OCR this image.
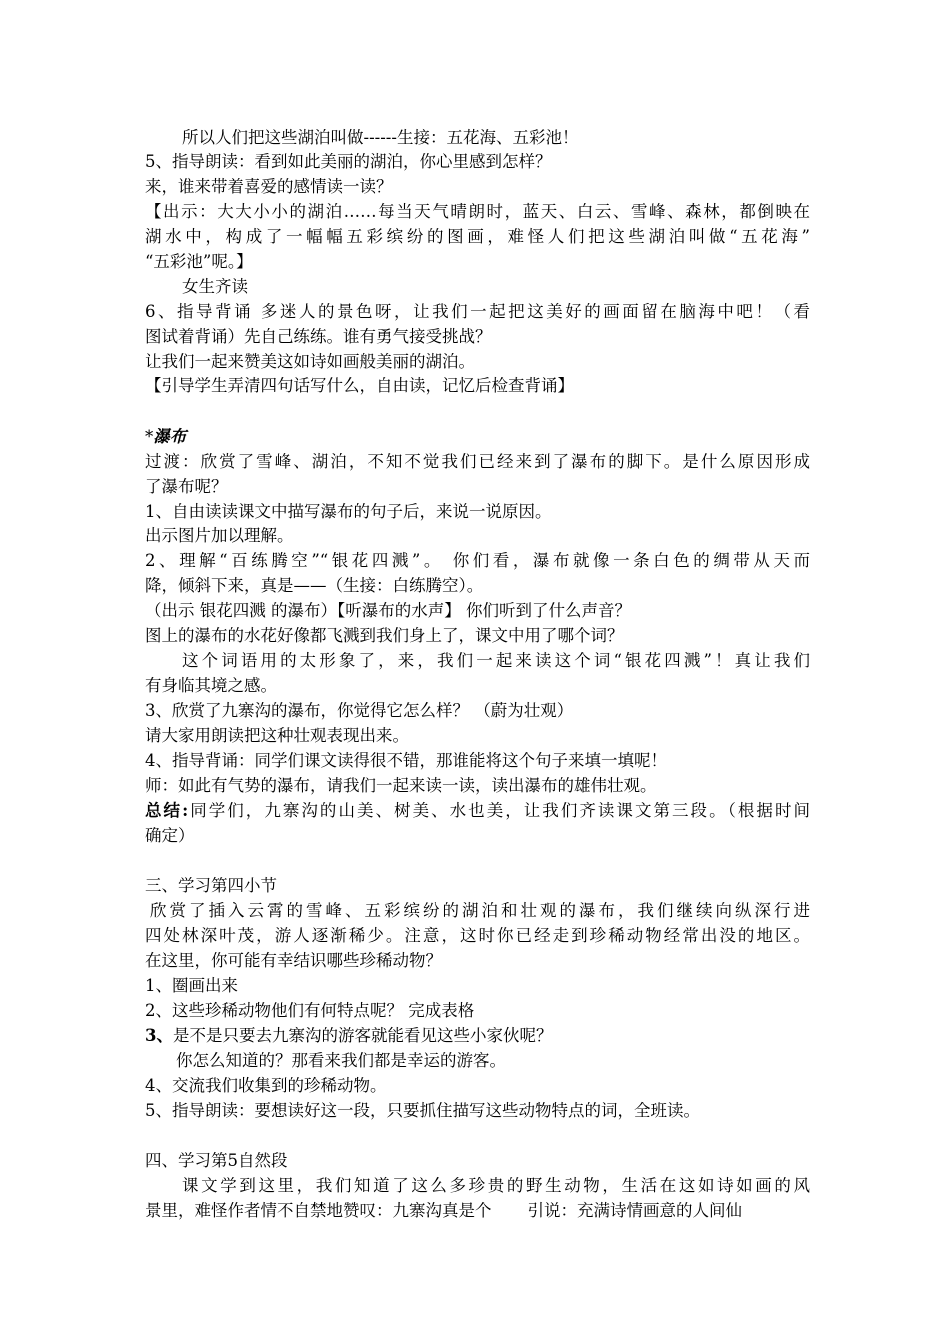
所以人们把这些湖泊叫做------生接：五花海、五彩池！
5、指导朗读：看到如此美丽的湖泊，你心里感到怎样？
来，谁来带着喜爱的感情读一读？
【出示：大大小小的湖泊……每当天气晴朗时，蓝天、白云、雪峰、森林，都倒映在
湖水中，构成了一幅幅五彩缤纷的图画，难怪人们把这些湖泊叫做“五花海”
“五彩池”呢。】
女生齐读
6、指导背诵 多迷人的景色呀，让我们一起把这美好的画面留在脑海中吧！（看
图试着背诵）先自己练练。谁有勇气接受挑战？
让我们一起来赞美这如诗如画般美丽的湖泊。
【引导学生弄清四句话写什么，自由读，记忆后检查背诵】
*瀑布
过渡：欣赏了雪峰、湖泊，不知不觉我们已经来到了瀑布的脚下。是什么原因形成
了瀑布呢？
1、自由读读课文中描写瀑布的句子后，来说一说原因。
出示图片加以理解。
2、理解“百练腾空”“银花四溅”。 你们看，瀑布就像一条白色的绸带从天而
降，倾斜下来，真是——（生接：白练腾空）。
（出示 银花四溅 的瀑布）【听瀑布的水声】 你们听到了什么声音？
图上的瀑布的水花好像都飞溅到我们身上了，课文中用了哪个词？
这个词语用的太形象了，来，我们一起来读这个词“银花四溅”！真让我们
有身临其境之感。
3、欣赏了九寨沟的瀑布，你觉得它怎么样？ （蔚为壮观）
请大家用朗读把这种壮观表现出来。
4、指导背诵：同学们课文读得很不错，那谁能将这个句子来填一填呢！
师：如此有气势的瀑布，请我们一起来读一读，读出瀑布的雄伟壮观。
总结:同学们，九寨沟的山美、树美、水也美，让我们齐读课文第三段。（根据时间
确定）
三、学习第四小节
欣赏了插入云霄的雪峰、五彩缤纷的湖泊和壮观的瀑布，我们继续向纵深行进
四处林深叶茂，游人逐渐稀少。注意，这时你已经走到珍稀动物经常出没的地区。
在这里，你可能有幸结识哪些珍稀动物？
1、圈画出来
2、这些珍稀动物他们有何特点呢？ 完成表格
3、是不是只要去九寨沟的游客就能看见这些小家伙呢？
你怎么知道的？那看来我们都是幸运的游客。
4、交流我们收集到的珍稀动物。
5、指导朗读：要想读好这一段，只要抓住描写这些动物特点的词，全班读。
四、学习第5自然段
课文学到这里，我们知道了这么多珍贵的野生动物，生活在这如诗如画的风
景里，难怪作者情不自禁地赞叹：九寨沟真是个 引说：充满诗情画意的人间仙
